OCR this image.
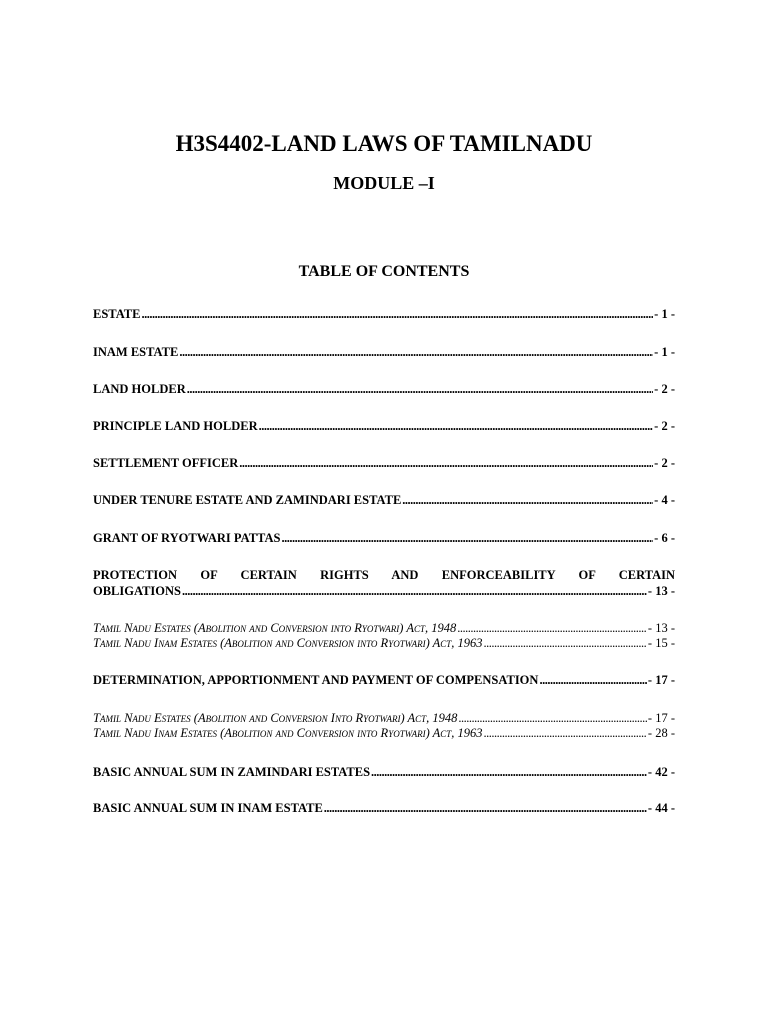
H3S4402-LAND LAWS OF TAMILNADU
MODULE –I
TABLE OF CONTENTS
ESTATE .....	- 1 -
INAM ESTATE .....	- 1 -
LAND HOLDER .....	- 2 -
PRINCIPLE LAND HOLDER .....	- 2 -
SETTLEMENT OFFICER .....	- 2 -
UNDER TENURE ESTATE AND ZAMINDARI ESTATE .....	- 4 -
GRANT OF RYOTWARI PATTAS .....	- 6 -
PROTECTION OF CERTAIN RIGHTS AND ENFORCEABILITY OF CERTAIN
OBLIGATIONS .....	- 13 -
Tamil Nadu Estates (Abolition and Conversion into Ryotwari) Act, 1948 .....	- 13 -
Tamil Nadu Inam Estates (Abolition and Conversion into Ryotwari) Act, 1963 .....	- 15 -
DETERMINATION, APPORTIONMENT AND PAYMENT OF COMPENSATION .....	- 17 -
Tamil Nadu Estates (Abolition and Conversion Into Ryotwari) Act, 1948 .....	- 17 -
Tamil Nadu Inam Estates (Abolition and Conversion into Ryotwari) Act, 1963 .....	- 28 -
BASIC ANNUAL SUM IN ZAMINDARI ESTATES .....	- 42 -
BASIC ANNUAL SUM IN INAM ESTATE .....	- 44 -
